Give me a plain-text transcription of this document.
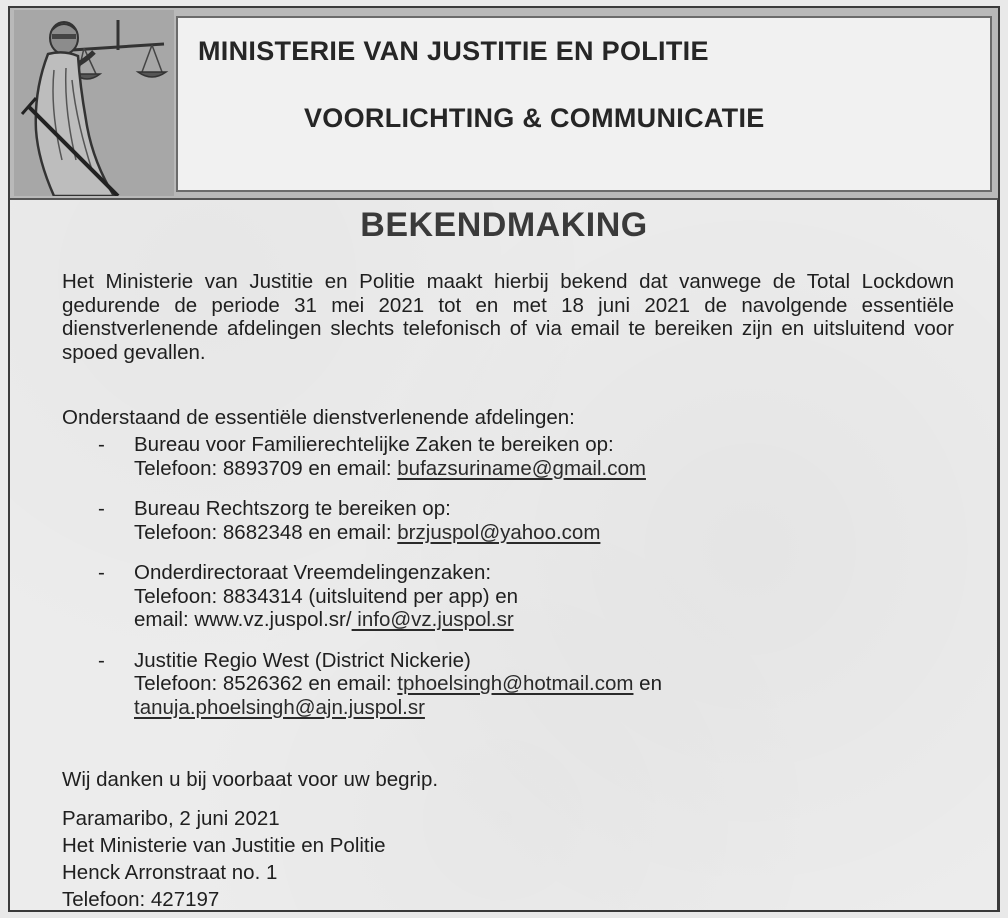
MINISTERIE VAN JUSTITIE EN POLITIE
VOORLICHTING & COMMUNICATIE
BEKENDMAKING
Het Ministerie van Justitie en Politie maakt hierbij bekend dat vanwege de Total Lockdown gedurende de periode 31 mei 2021 tot en met 18 juni 2021 de navolgende essentiële dienstverlenende afdelingen slechts telefonisch of via email te bereiken zijn en uitsluitend voor spoed gevallen.
Onderstaand de essentiële dienstverlenende afdelingen:
- Bureau voor Familierechtelijke Zaken te bereiken op:
Telefoon: 8893709 en email: bufazsuriname@gmail.com
- Bureau Rechtszorg te bereiken op:
Telefoon: 8682348 en email: brzjuspol@yahoo.com
- Onderdirectoraat Vreemdelingenzaken:
Telefoon: 8834314 (uitsluitend per app) en
email: www.vz.juspol.sr/ info@vz.juspol.sr
- Justitie Regio West (District Nickerie)
Telefoon: 8526362 en email: tphoelsingh@hotmail.com en
tanuja.phoelsingh@ajn.juspol.sr
Wij danken u bij voorbaat voor uw begrip.
Paramaribo, 2 juni 2021
Het Ministerie van Justitie en Politie
Henck Arronstraat no. 1
Telefoon: 427197
